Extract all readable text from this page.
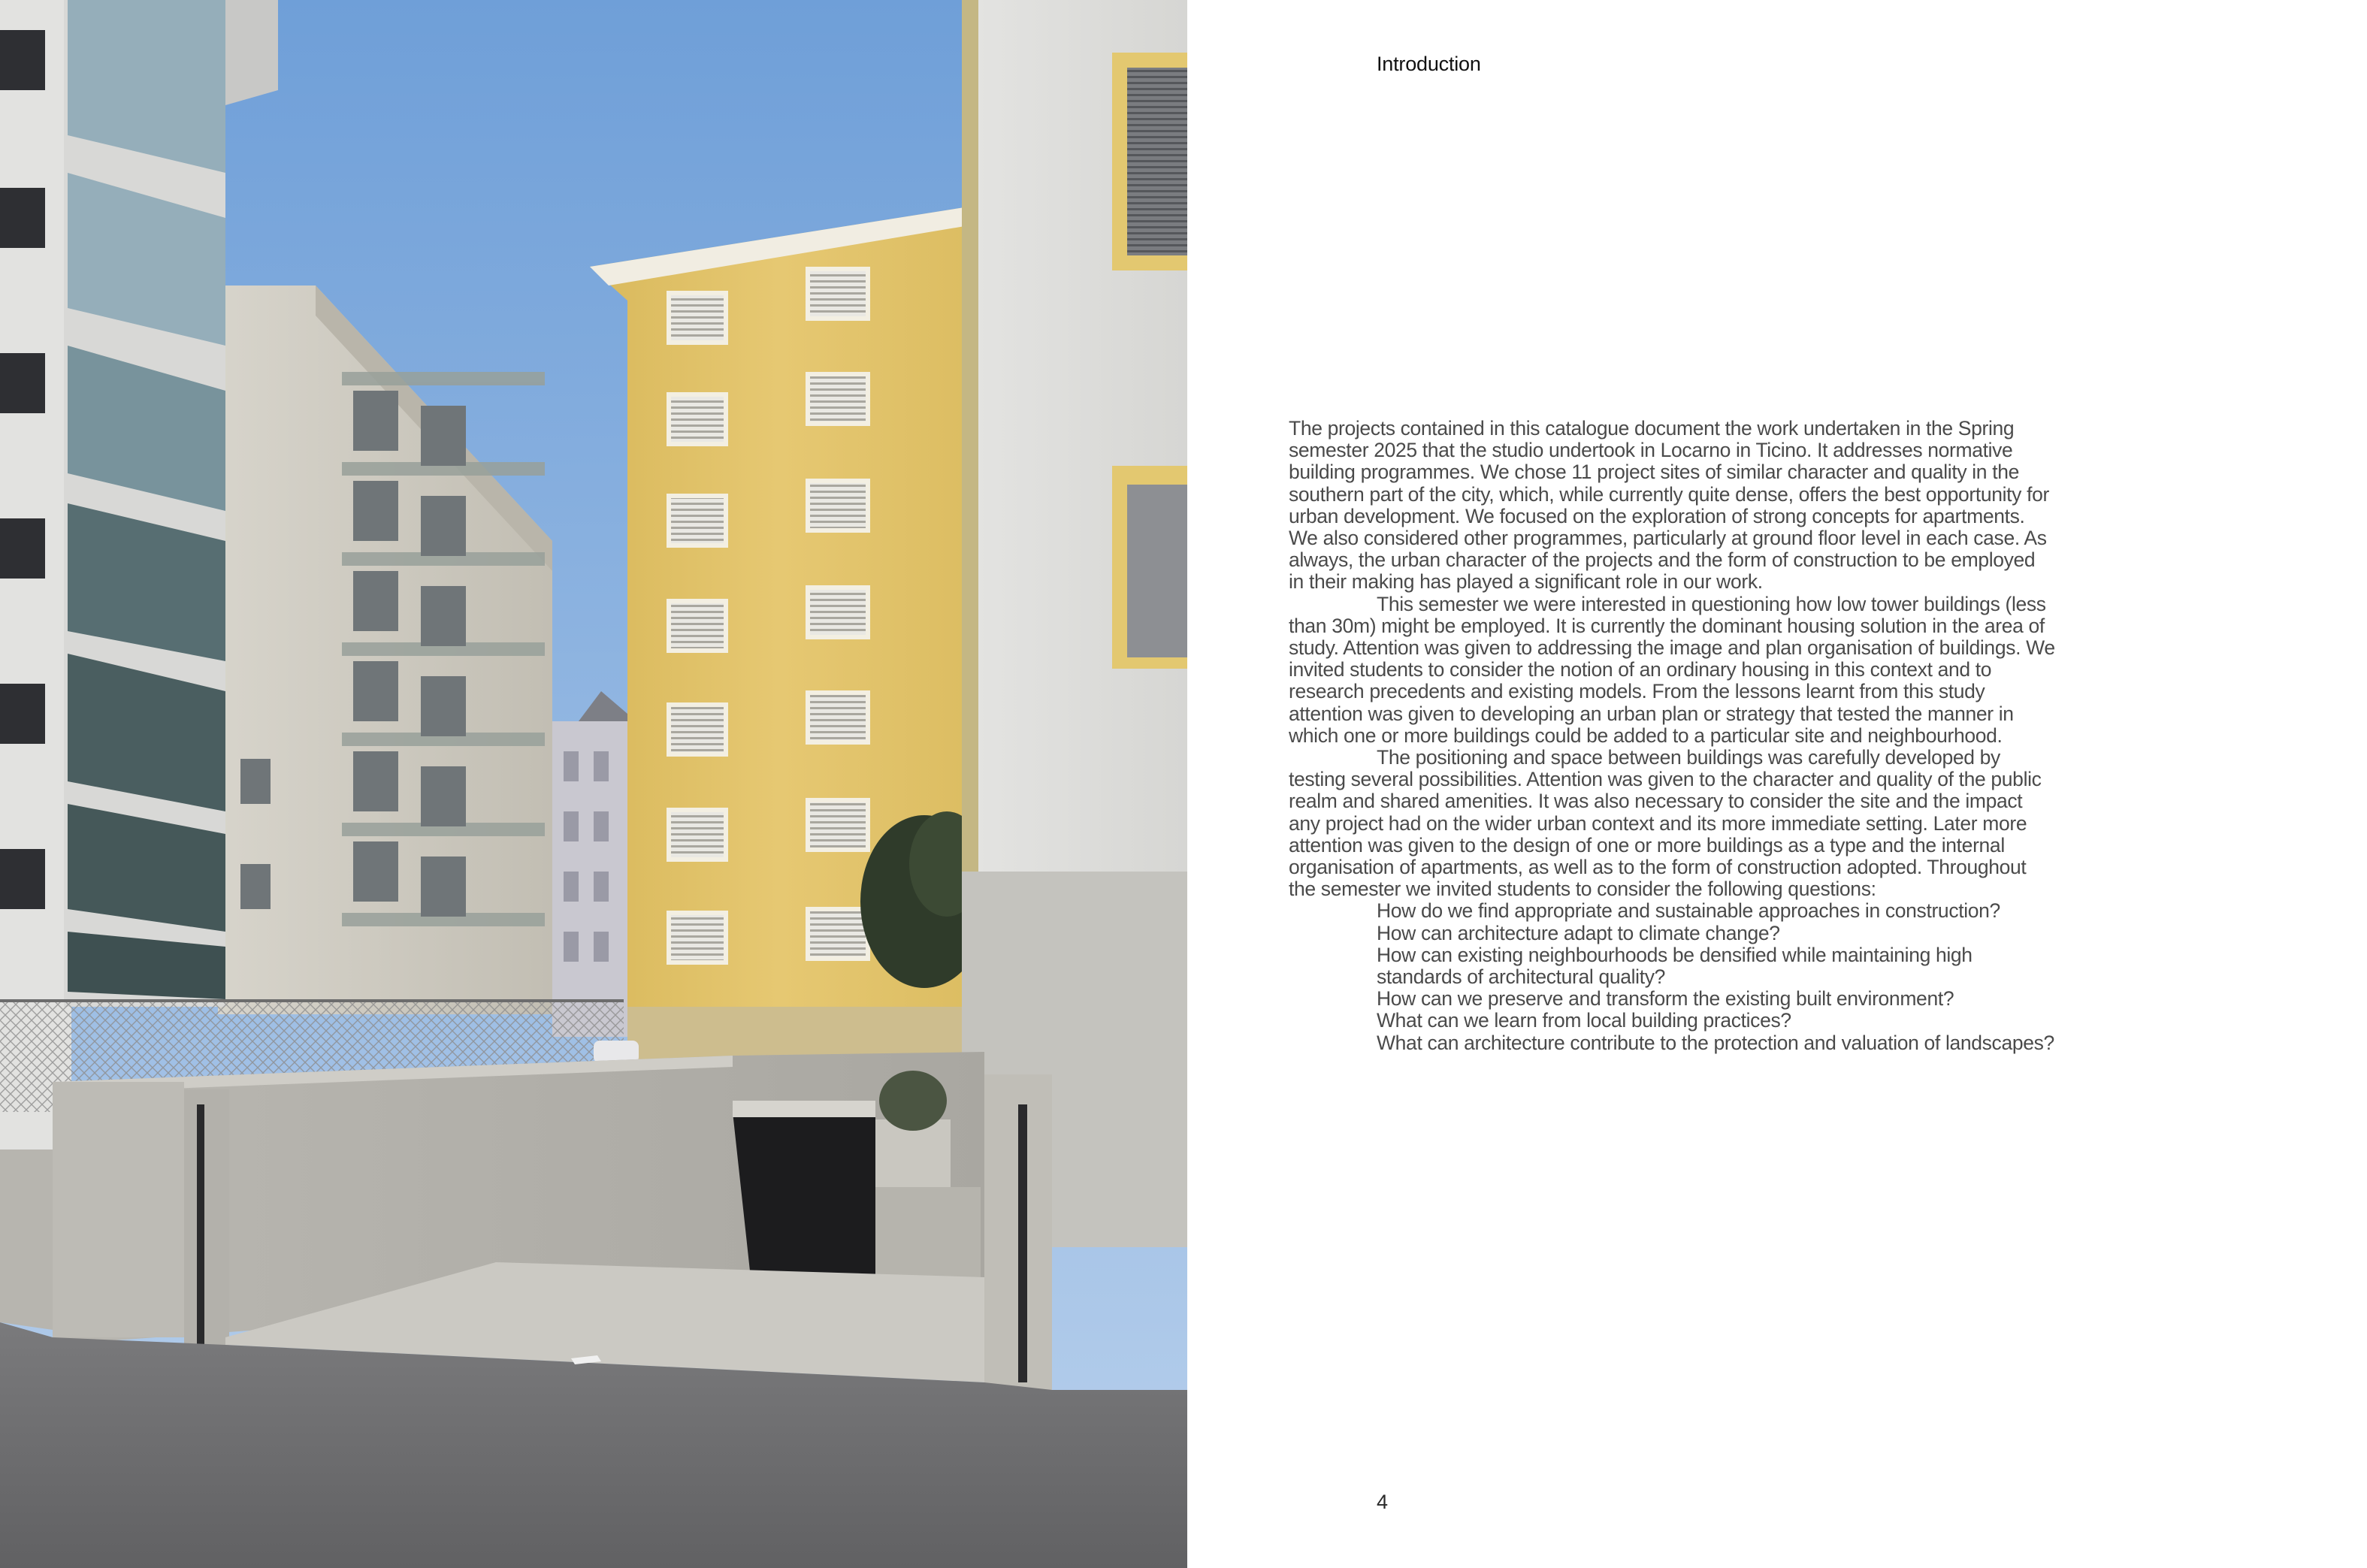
Introduction

The projects contained in this catalogue document the work undertaken in the Spring semester 2025 that the studio undertook in Locarno in Ticino. It addresses normative building programmes. We chose 11 project sites of similar character and quality in the southern part of the city, which, while currently quite dense, offers the best opportunity for urban development. We focused on the exploration of strong concepts for apartments. We also considered other programmes, particularly at ground floor level in each case. As always, the urban character of the projects and the form of construction to be employed in their making has played a significant role in our work.

This semester we were interested in questioning how low tower buildings (less than 30m) might be employed. It is currently the dominant housing solution in the area of study. Attention was given to addressing the image and plan organisation of buildings. We invited students to consider the notion of an ordinary housing in this context and to research precedents and existing models. From the lessons learnt from this study attention was given to developing an urban plan or strategy that tested the manner in which one or more buildings could be added to a particular site and neighbourhood.

The positioning and space between buildings was carefully developed by testing several possibilities. Attention was given to the character and quality of the public realm and shared amenities. It was also necessary to consider the site and the impact any project had on the wider urban context and its more immediate setting. Later more attention was given to the design of one or more buildings as a type and the internal organisation of apartments, as well as to the form of construction adopted. Throughout the semester we invited students to consider the following questions:

How do we find appropriate and sustainable approaches in construction?
How can architecture adapt to climate change?
How can existing neighbourhoods be densified while maintaining high standards of architectural quality?
How can we preserve and transform the existing built environment?
What can we learn from local building practices?
What can architecture contribute to the protection and valuation of landscapes?
4
